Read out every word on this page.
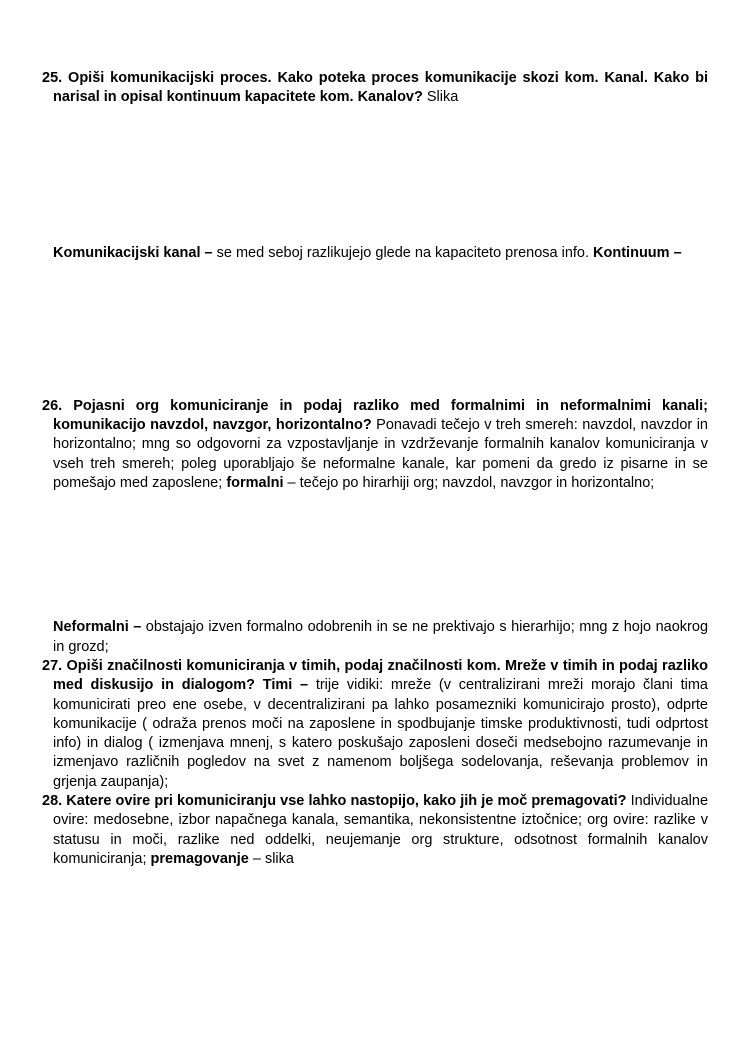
25. Opiši komunikacijski proces. Kako poteka proces komunikacije skozi kom. Kanal. Kako bi narisal in opisal kontinuum kapacitete kom. Kanalov? Slika
Komunikacijski kanal – se med seboj razlikujejo glede na kapaciteto prenosa info. Kontinuum –
26. Pojasni org komuniciranje in podaj razliko med formalnimi in neformalnimi kanali; komunikacijo navzdol, navzgor, horizontalno? Ponavadi tečejo v treh smereh: navzdol, navzdor in horizontalno; mng so odgovorni za vzpostavljanje in vzdrževanje formalnih kanalov komuniciranja v vseh treh smereh; poleg uporabljajo še neformalne kanale, kar pomeni da gredo iz pisarne in se pomešajo med zaposlene; formalni – tečejo po hirarhiji org; navzdol, navzgor in horizontalno;
Neformalni – obstajajo izven formalno odobrenih in se ne prektivajo s hierarhijo; mng z hojo naokrog in grozd;
27. Opiši značilnosti komuniciranja v timih, podaj značilnosti kom. Mreže v timih in podaj razliko med diskusijo in dialogom? Timi – trije vidiki: mreže (v centralizirani mreži morajo člani tima komunicirati preo ene osebe, v decentralizirani pa lahko posamezniki komunicirajo prosto), odprte komunikacije ( odraža prenos moči na zaposlene in spodbujanje timske produktivnosti, tudi odprtost info) in dialog ( izmenjava mnenj, s katero poskušajo zaposleni doseči medsebojno razumevanje in izmenjavo različnih pogledov na svet z namenom boljšega sodelovanja, reševanja problemov in grjenja zaupanja);
28. Katere ovire pri komuniciranju vse lahko nastopijo, kako jih je moč premagovati? Individualne ovire: medosebne, izbor napačnega kanala, semantika, nekonsistentne iztočnice; org ovire: razlike v statusu in moči, razlike ned oddelki, neujemanje org strukture, odsotnost formalnih kanalov komuniciranja; premagovanje – slika
